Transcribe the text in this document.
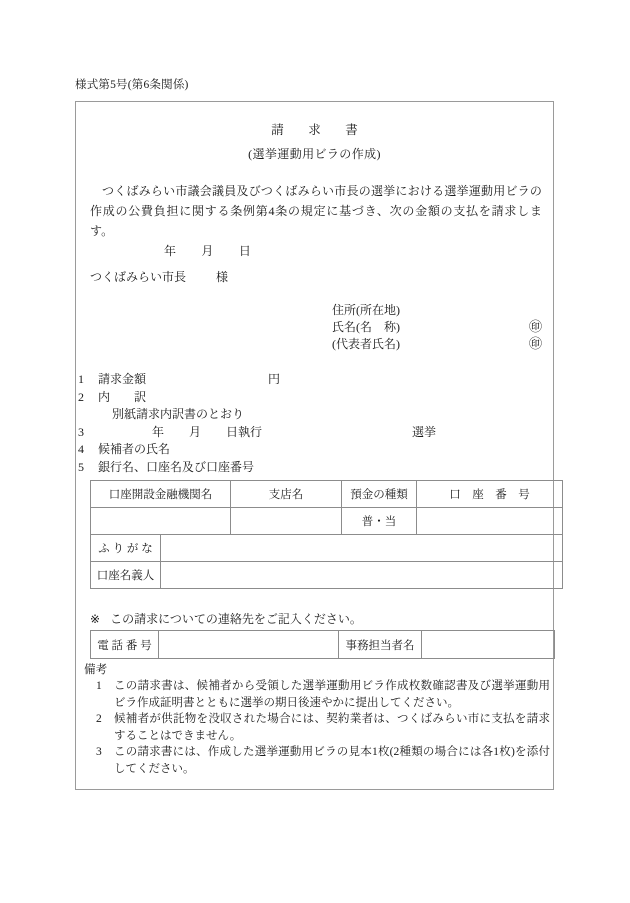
様式第5号(第6条関係)
請　求　書
(選挙運動用ビラの作成)
つくばみらい市議会議員及びつくばみらい市長の選挙における選挙運動用ビラの作成の公費負担に関する条例第4条の規定に基づき、次の金額の支払を請求します。
年 月 日
つくばみらい市長	様
住所(所在地)
氏名(名　称)	㊞
(代表者氏名)	㊞
1 請求金額	円
2 内　　訳
別紙請求内訳書のとおり
3	年 月 日執行	選挙
4 候補者の氏名
5 銀行名、口座名及び口座番号
口座開設金融機関名		支店名	預金の種類	口　座　番　号
			普・当	
ふ り が な				
口座名義人				
※ この請求についての連絡先をご記入ください。
電 話 番 号		事務担当者名	
備考
1 この請求書は、候補者から受領した選挙運動用ビラ作成枚数確認書及び選挙運動用ビラ作成証明書とともに選挙の期日後速やかに提出してください。
2 候補者が供託物を没収された場合には、契約業者は、つくばみらい市に支払を請求することはできません。
3 この請求書には、作成した選挙運動用ビラの見本1枚(2種類の場合には各1枚)を添付してください。
